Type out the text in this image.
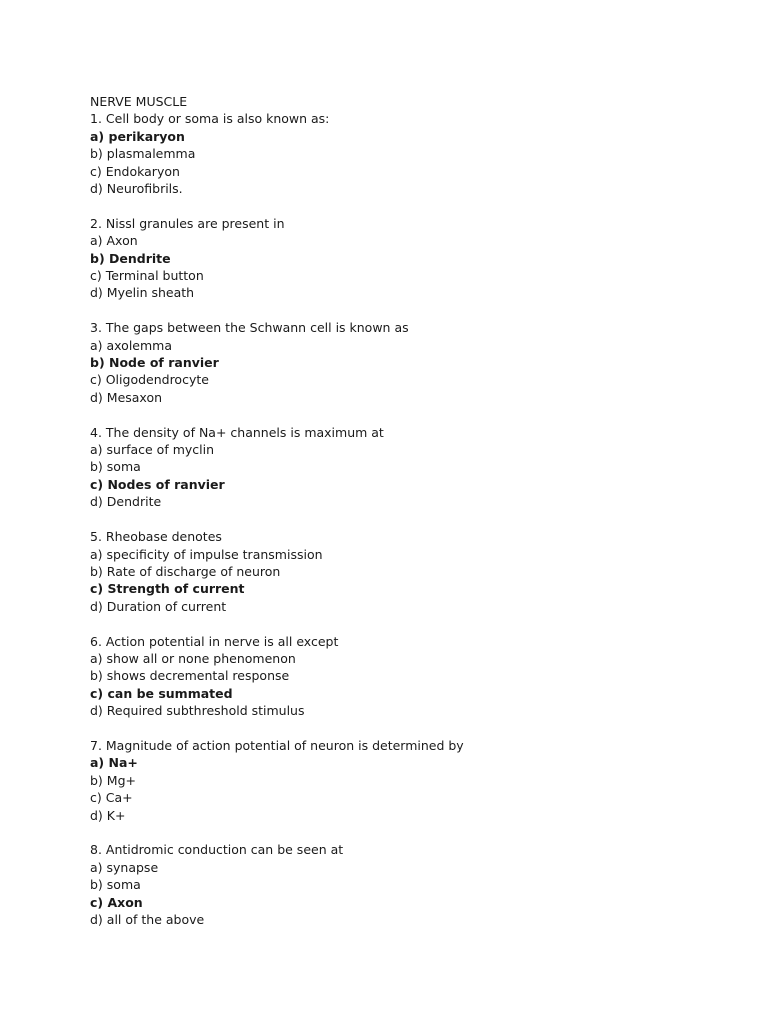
NERVE MUSCLE
1. Cell body or soma is also known as:
a) perikaryon
b) plasmalemma
c) Endokaryon
d) Neurofibrils.
2. Nissl granules are present in
a) Axon
b) Dendrite
c) Terminal button
d) Myelin sheath
3. The gaps between the Schwann cell is known as
a) axolemma
b) Node of ranvier
c) Oligodendrocyte
d) Mesaxon
4. The density of Na+ channels is maximum at
a) surface of myclin
b) soma
c) Nodes of ranvier
d) Dendrite
5. Rheobase denotes
a) specificity of impulse transmission
b) Rate of discharge of neuron
c) Strength of current
d) Duration of current
6. Action potential in nerve is all except
a) show all or none phenomenon
b) shows decremental response
c) can be summated
d) Required subthreshold stimulus
7. Magnitude of action potential of neuron is determined by
a) Na+
b) Mg+
c) Ca+
d) K+
8. Antidromic conduction can be seen at
a) synapse
b) soma
c) Axon
d) all of the above
